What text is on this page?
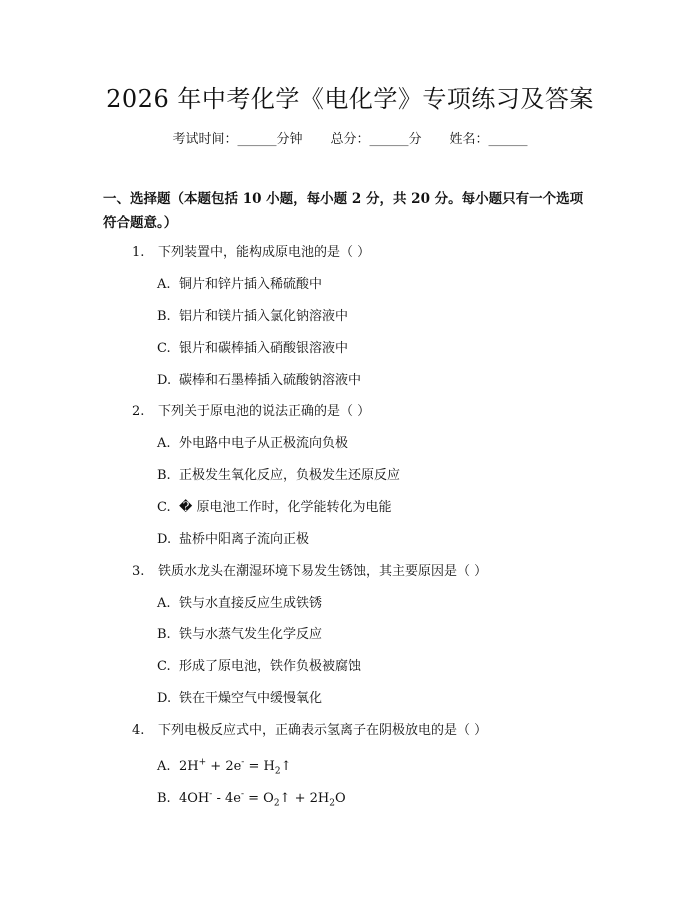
2026 年中考化学《电化学》专项练习及答案
考试时间：______分钟 总分：______分 姓名：______
一、选择题（本题包括 10 小题，每小题 2 分，共 20 分。每小题只有一个选项符合题意。）
1. 下列装置中，能构成原电池的是（ ）
A. 铜片和锌片插入稀硫酸中
B. 铝片和镁片插入氯化钠溶液中
C. 银片和碳棒插入硝酸银溶液中
D. 碳棒和石墨棒插入硫酸钠溶液中
2. 下列关于原电池的说法正确的是（ ）
A. 外电路中电子从正极流向负极
B. 正极发生氧化反应，负极发生还原反应
C. � 原电池工作时，化学能转化为电能
D. 盐桥中阳离子流向正极
3. 铁质水龙头在潮湿环境下易发生锈蚀，其主要原因是（ ）
A. 铁与水直接反应生成铁锈
B. 铁与水蒸气发生化学反应
C. 形成了原电池，铁作负极被腐蚀
D. 铁在干燥空气中缓慢氧化
4. 下列电极反应式中，正确表示氢离子在阴极放电的是（ ）
A. $2H^+ + 2e^- = H_2↑$
B. $4OH^- - 4e^- = O_2↑ + 2H_2O$
